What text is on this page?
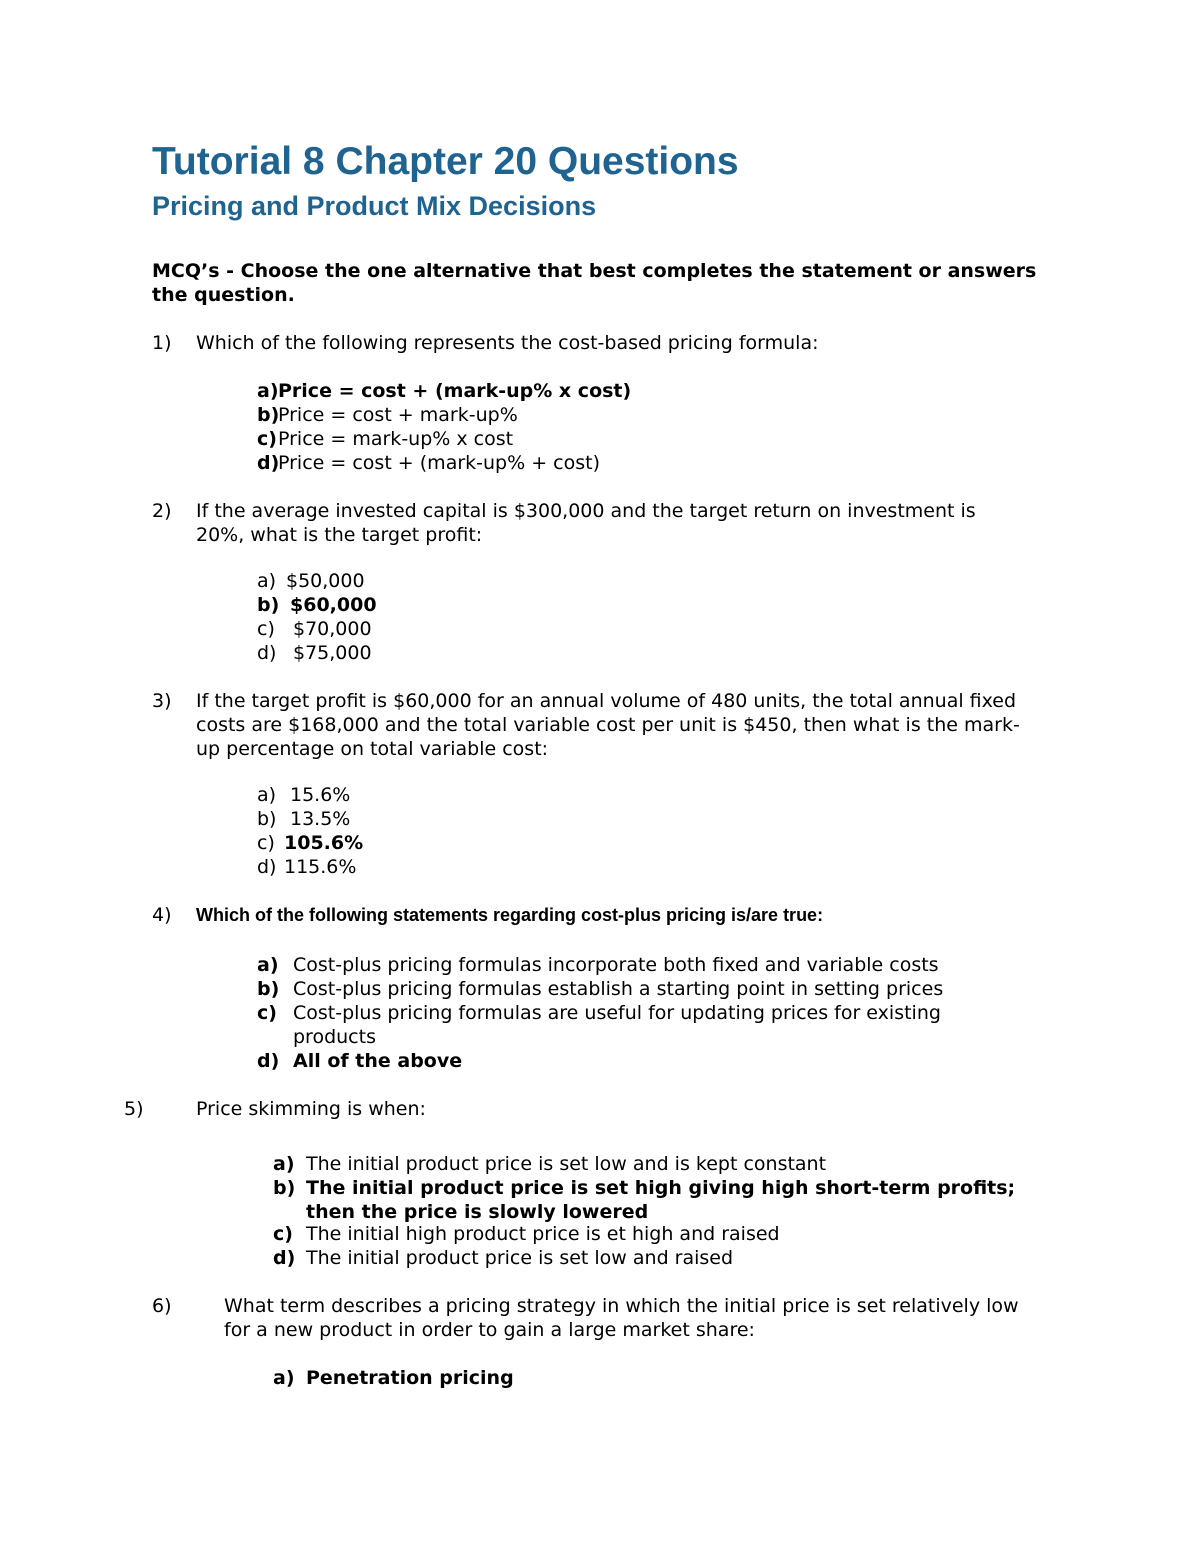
Tutorial 8 Chapter 20 Questions
Pricing and Product Mix Decisions
MCQ’s - Choose the one alternative that best completes the statement or answers
the question.
1) Which of the following represents the cost-based pricing formula:
a) Price = cost + (mark-up% x cost)
b)
Price = cost + mark-up%
c) Price = mark-up% x cost
d)
Price = cost + (mark-up% + cost)
2) If the average invested capital is $300,000 and the target return on investment is
20%, what is the target profit:
a) $50,000
b) $60,000
c) $70,000
d) $75,000
3) If the target profit is $60,000 for an annual volume of 480 units, the total annual fixed
costs are $168,000 and the total variable cost per unit is $450, then what is the mark-
up percentage on total variable cost:
a) 15.6%
b) 13.5%
c) 105.6%
d) 115.6%
4) Which of the following statements regarding cost-plus pricing is/are true:
a) Cost-plus pricing formulas incorporate both fixed and variable costs
b) Cost-plus pricing formulas establish a starting point in setting prices
c) Cost-plus pricing formulas are useful for updating prices for existing products
d) All of the above
5)	Price skimming is when:
a) The initial product price is set low and is kept constant
b) The initial product price is set high giving high short-term profits;
then the price is slowly lowered
c) The initial high product price is et high and raised
d) The initial product price is set low and raised
6)	What term describes a pricing strategy in which the initial price is set relatively low
for a new product in order to gain a large market share:
a) Penetration pricing
